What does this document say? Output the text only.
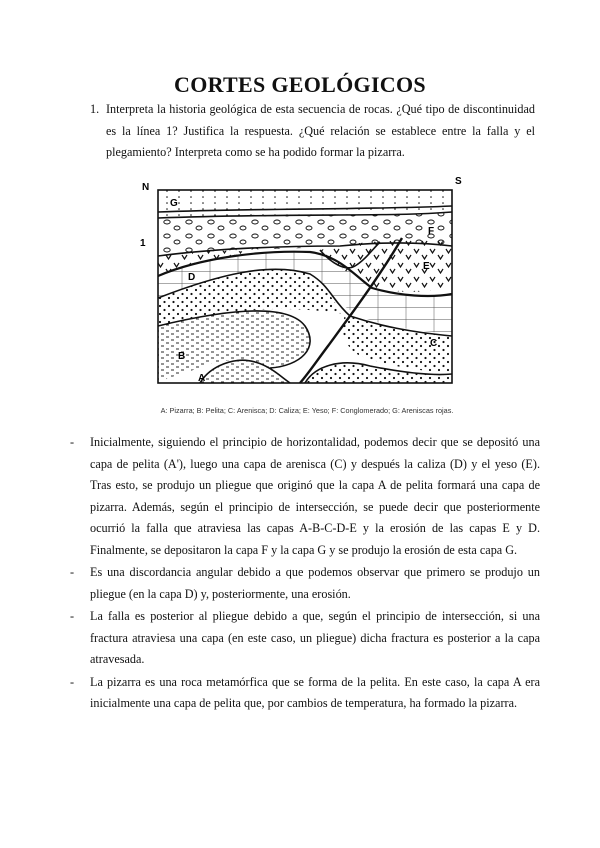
CORTES GEOLÓGICOS
1. Interpreta la historia geológica de esta secuencia de rocas. ¿Qué tipo de discontinuidad es la línea 1? Justifica la respuesta. ¿Qué relación se establece entre la falla y el plegamiento? Interpreta como se ha podido formar la pizarra.

N
S
G
1
F
E
D
C
B
A
A: Pizarra; B: Pelita; C: Arenisca; D: Caliza; E: Yeso; F: Conglomerado; G: Areniscas rojas.
- Inicialmente, siguiendo el principio de horizontalidad, podemos decir que se depositó una capa de pelita (A'), luego una capa de arenisca (C) y después la caliza (D) y el yeso (E). Tras esto, se produjo un pliegue que originó que la capa A de pelita formará una capa de pizarra. Además, según el principio de intersección, se puede decir que posteriormente ocurrió la falla que atraviesa las capas A-B-C-D-E y la erosión de las capas E y D. Finalmente, se depositaron la capa F y la capa G y se produjo la erosión de esta capa G.
- Es una discordancia angular debido a que podemos observar que primero se produjo un pliegue (en la capa D) y, posteriormente, una erosión.
- La falla es posterior al pliegue debido a que, según el principio de intersección, si una fractura atraviesa una capa (en este caso, un pliegue) dicha fractura es posterior a la capa atravesada.
- La pizarra es una roca metamórfica que se forma de la pelita. En este caso, la capa A era inicialmente una capa de pelita que, por cambios de temperatura, ha formado la pizarra.
